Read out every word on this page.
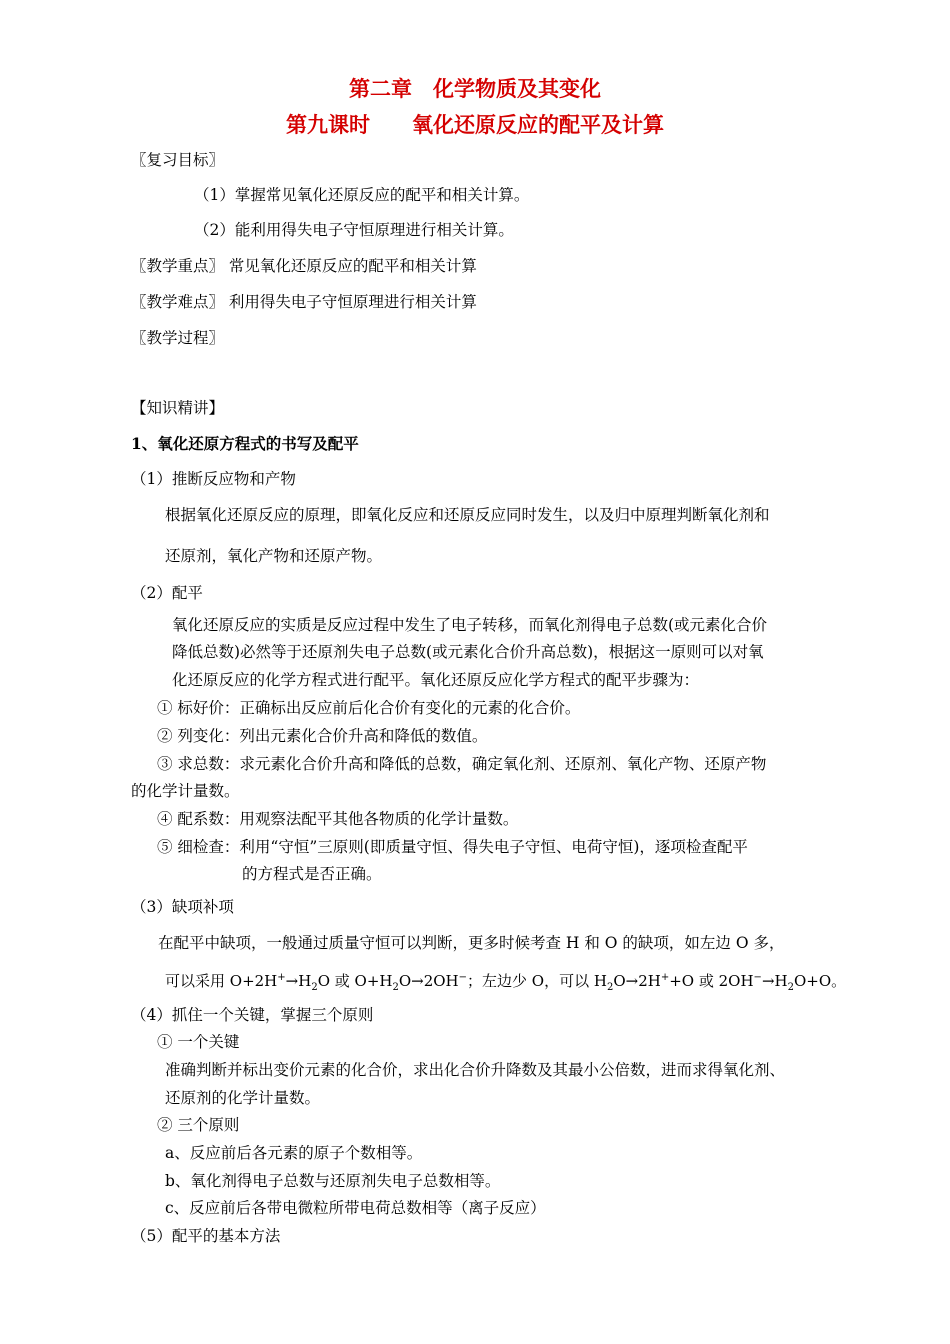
第二章　化学物质及其变化
第九课时　　氧化还原反应的配平及计算
〖复习目标〗
（1）掌握常见氧化还原反应的配平和相关计算。
（2）能利用得失电子守恒原理进行相关计算。
〖教学重点〗 常见氧化还原反应的配平和相关计算
〖教学难点〗 利用得失电子守恒原理进行相关计算
〖教学过程〗
【知识精讲】
1、氧化还原方程式的书写及配平
（1）推断反应物和产物
根据氧化还原反应的原理，即氧化反应和还原反应同时发生，以及归中原理判断氧化剂和
还原剂，氧化产物和还原产物。
（2）配平
氧化还原反应的实质是反应过程中发生了电子转移，而氧化剂得电子总数(或元素化合价
降低总数)必然等于还原剂失电子总数(或元素化合价升高总数)，根据这一原则可以对氧
化还原反应的化学方程式进行配平。氧化还原反应化学方程式的配平步骤为：
① 标好价：正确标出反应前后化合价有变化的元素的化合价。
② 列变化：列出元素化合价升高和降低的数值。
③ 求总数：求元素化合价升高和降低的总数，确定氧化剂、还原剂、氧化产物、还原产物
的化学计量数。
④ 配系数：用观察法配平其他各物质的化学计量数。
⑤ 细检查：利用“守恒”三原则(即质量守恒、得失电子守恒、电荷守恒)，逐项检查配平
的方程式是否正确。
（3）缺项补项
在配平中缺项，一般通过质量守恒可以判断，更多时候考查 H 和 O 的缺项，如左边 O 多，
可以采用 $O+2H^+\to H_2O$ 或 $O+H_2O\to 2OH^-$；左边少 O，可以 $H_2O\to 2H^++O$ 或 $2OH^-\to H_2O+O$。
（4）抓住一个关键，掌握三个原则
① 一个关键
准确判断并标出变价元素的化合价，求出化合价升降数及其最小公倍数，进而求得氧化剂、
还原剂的化学计量数。
② 三个原则
a、反应前后各元素的原子个数相等。
b、氧化剂得电子总数与还原剂失电子总数相等。
c、反应前后各带电微粒所带电荷总数相等（离子反应）
（5）配平的基本方法
